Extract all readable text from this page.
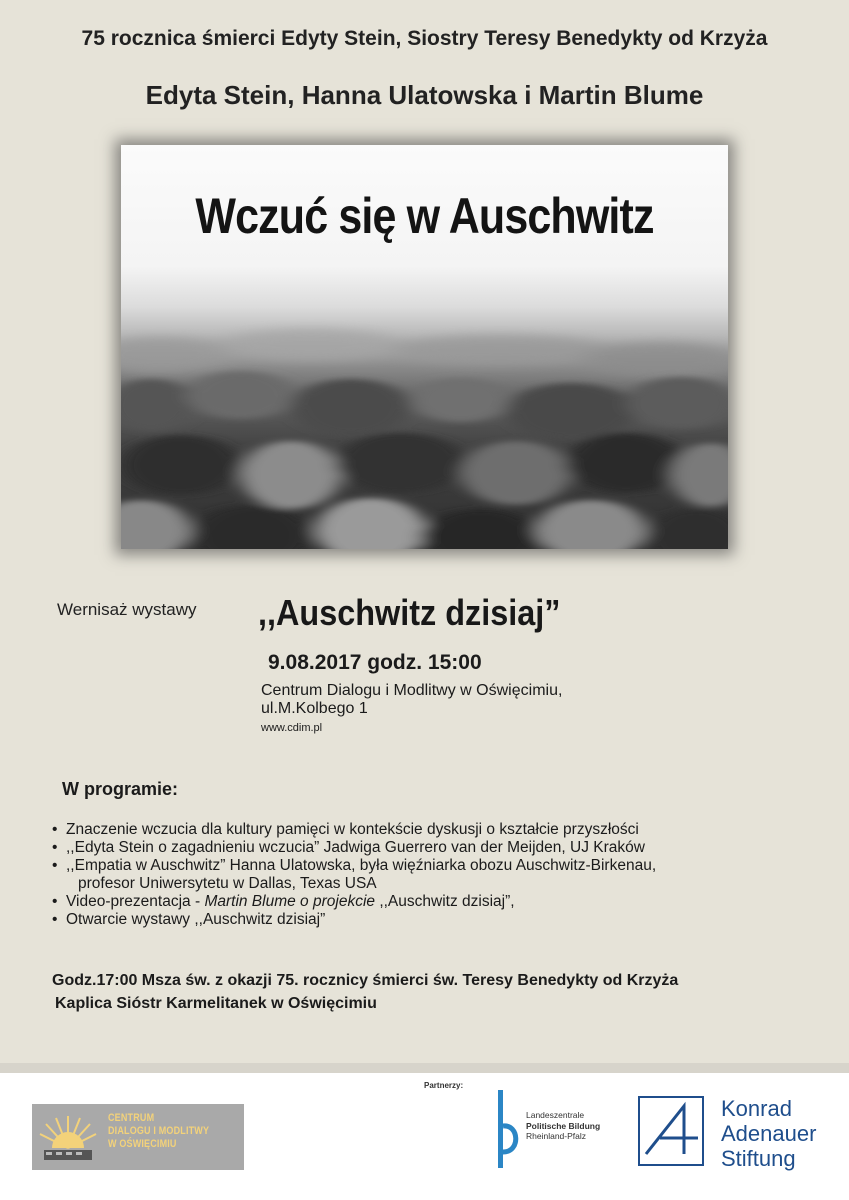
75 rocznica śmierci Edyty Stein, Siostry Teresy Benedykty od Krzyża
Edyta Stein, Hanna Ulatowska i Martin Blume
Wczuć się w Auschwitz
Wernisaż wystawy ,,Auschwitz dzisiaj”
9.08.2017 godz. 15:00
Centrum Dialogu i Modlitwy w Oświęcimiu,
ul.M.Kolbego 1
www.cdim.pl
W programie:
• Znaczenie wczucia dla kultury pamięci w kontekście dyskusji o kształcie przyszłości
• ,,Edyta Stein o zagadnieniu wczucia” Jadwiga Guerrero van der Meijden, UJ Kraków
• ,,Empatia w Auschwitz” Hanna Ulatowska, była więźniarka obozu Auschwitz-Birkenau,
profesor Uniwersytetu w Dallas, Texas USA
• Video-prezentacja - Martin Blume o projekcie ,,Auschwitz dzisiaj”,
• Otwarcie wystawy ,,Auschwitz dzisiaj”
Godz.17:00 Msza św. z okazji 75. rocznicy śmierci św. Teresy Benedykty od Krzyża
Kaplica Sióstr Karmelitanek w Oświęcimiu
Partnerzy:
CENTRUM
DIALOGU I MODLITWY
W OŚWIĘCIMIU
Landeszentrale
Politische Bildung
Rheinland-Pfalz
Konrad
Adenauer
Stiftung
